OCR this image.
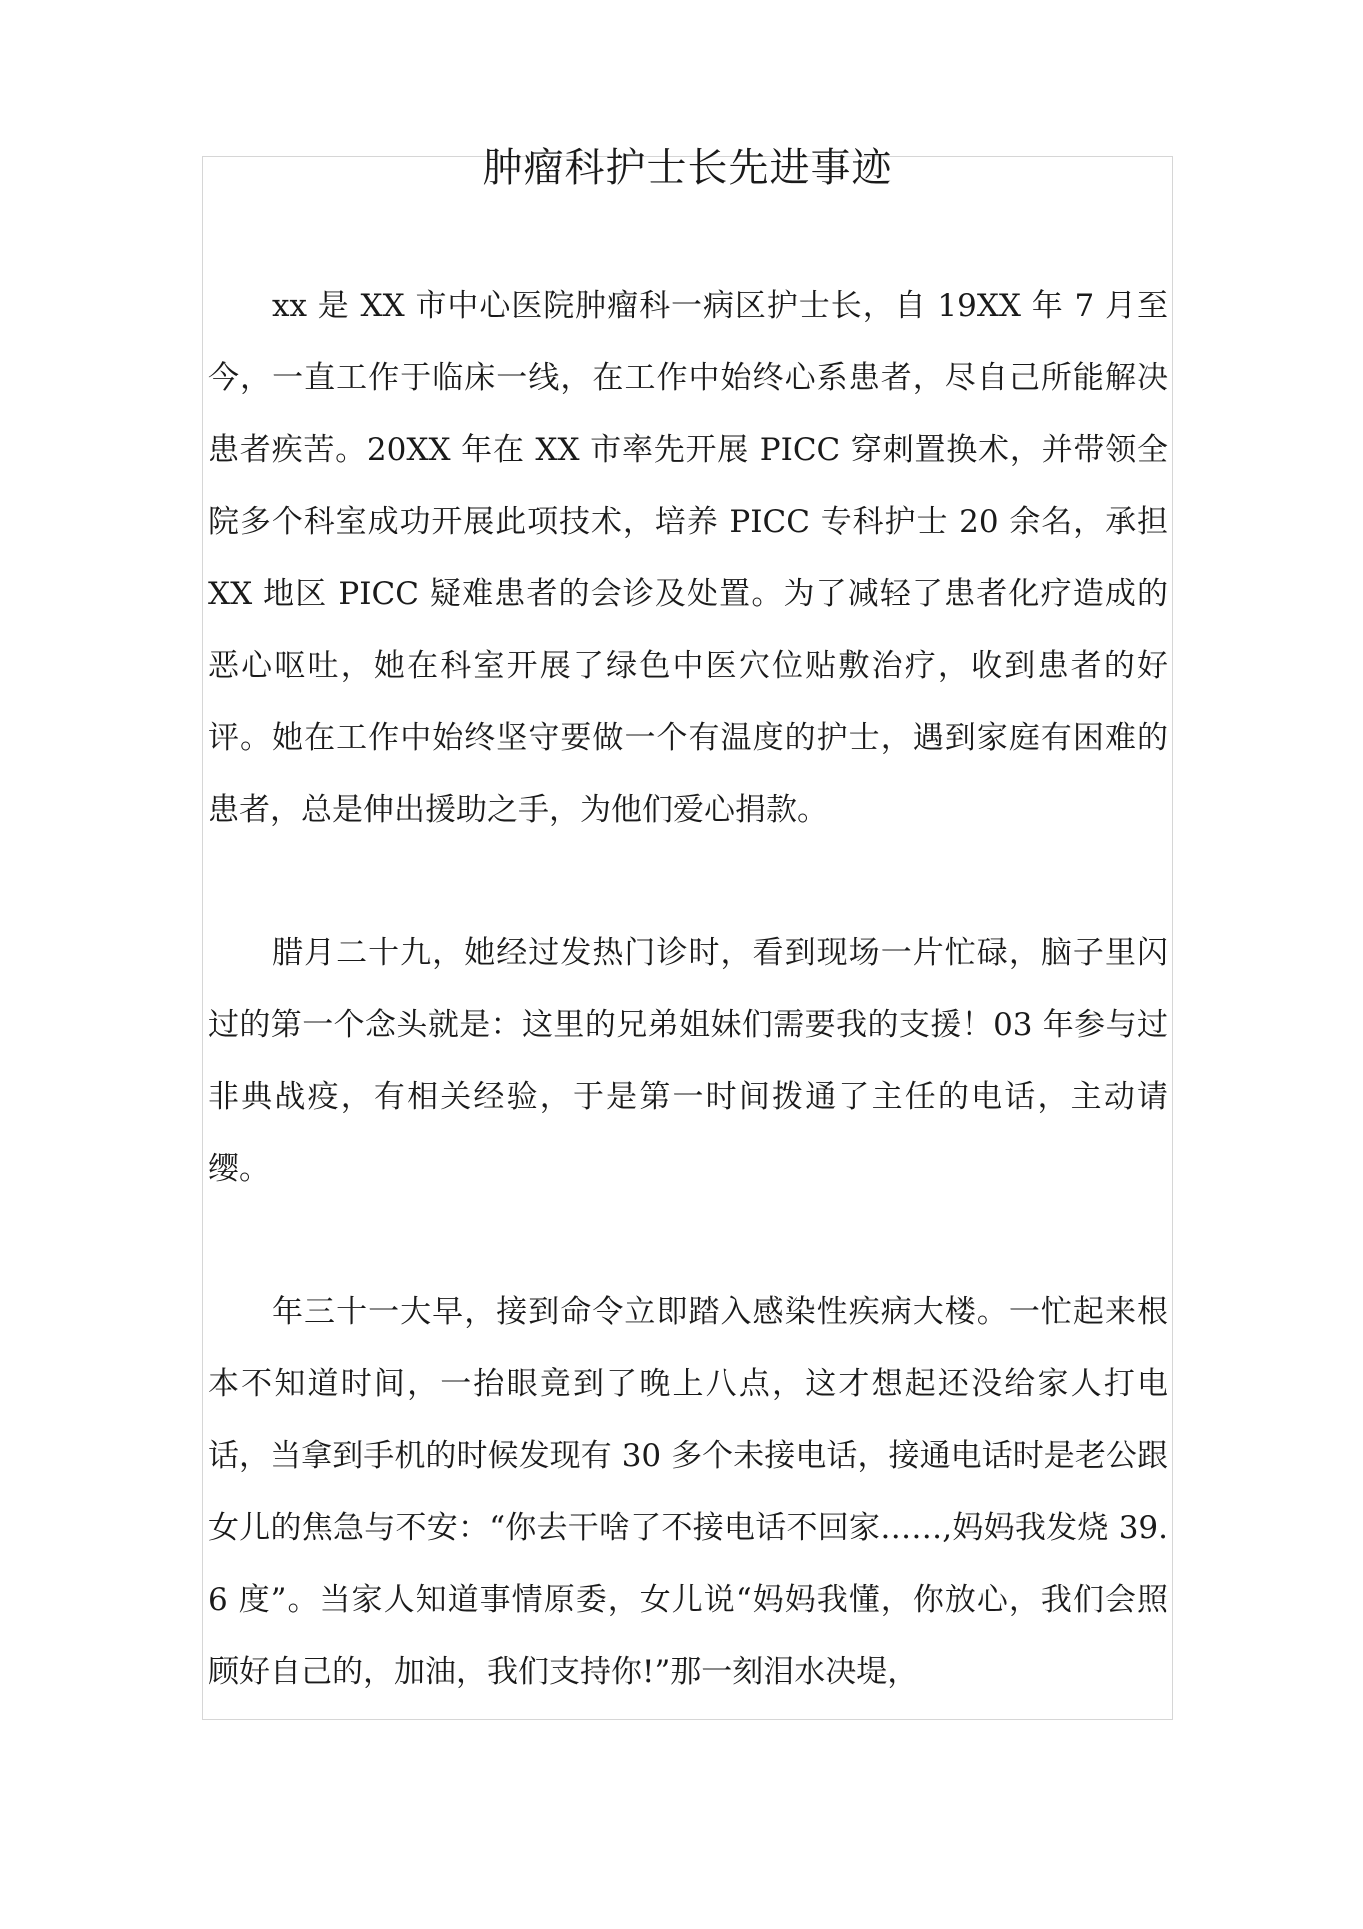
肿瘤科护士长先进事迹

xx 是 XX 市中心医院肿瘤科一病区护士长，自 19XX 年 7 月至今，一直工作于临床一线，在工作中始终心系患者，尽自己所能解决患者疾苦。20XX 年在 XX 市率先开展 PICC 穿刺置换术，并带领全院多个科室成功开展此项技术，培养 PICC 专科护士 20 余名，承担 XX 地区 PICC 疑难患者的会诊及处置。为了减轻了患者化疗造成的恶心呕吐，她在科室开展了绿色中医穴位贴敷治疗，收到患者的好评。她在工作中始终坚守要做一个有温度的护士，遇到家庭有困难的患者，总是伸出援助之手，为他们爱心捐款。

腊月二十九，她经过发热门诊时，看到现场一片忙碌，脑子里闪过的第一个念头就是：这里的兄弟姐妹们需要我的支援！03 年参与过非典战疫，有相关经验，于是第一时间拨通了主任的电话，主动请缨。

年三十一大早，接到命令立即踏入感染性疾病大楼。一忙起来根本不知道时间，一抬眼竟到了晚上八点，这才想起还没给家人打电话，当拿到手机的时候发现有 30 多个未接电话，接通电话时是老公跟女儿的焦急与不安：“你去干啥了不接电话不回家……,妈妈我发烧 39.6 度”。当家人知道事情原委，女儿说“妈妈我懂，你放心，我们会照顾好自己的，加油，我们支持你!”那一刻泪水决堤，
